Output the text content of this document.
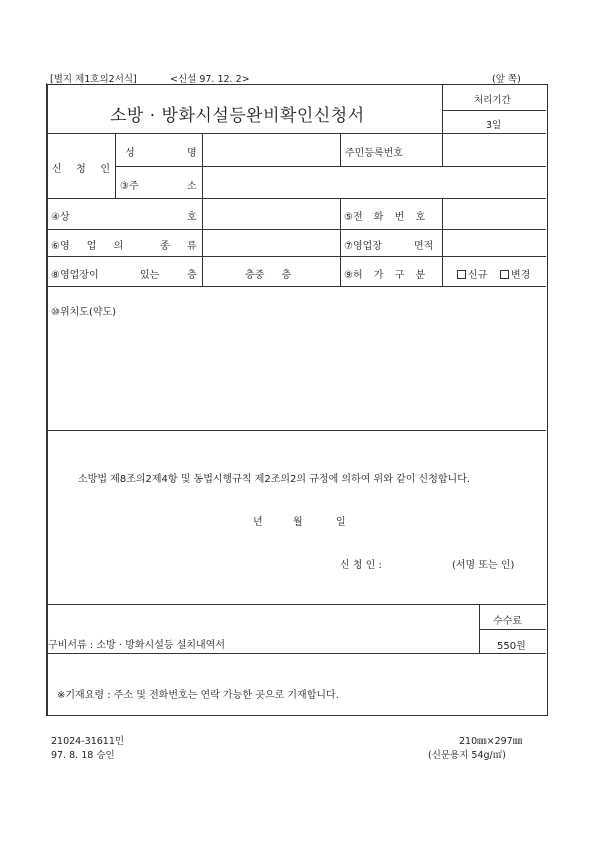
[별지 제1호의2서식]	<신설 97. 12. 2>	(앞 쪽)
소방 · 방화시설등완비확인신청서
처리기간
3일
신 청 인
성	명	주민등록번호
③주	소
④상	호	⑤전 화 번 호
⑥영 업 의	종 류	⑦영업장	면적
⑧영업장이	있는	층	층중 층	⑨허 가 구 분	신규	변경
⑩위치도(약도)
소방법 제8조의2제4항 및 동법시행규칙 제2조의2의 규정에 의하여 위와 같이 신청합니다.
년	월	일
신 청 인 :	(서명 또는 인)
구비서류 : 소방 · 방화시설등 설치내역서
수수료
550원
※기재요령 : 주소 및 전화번호는 연락 가능한 곳으로 기재합니다.
21024-31611민
97. 8. 18 승인
210㎜×297㎜
(신문용지 54g/㎡)
